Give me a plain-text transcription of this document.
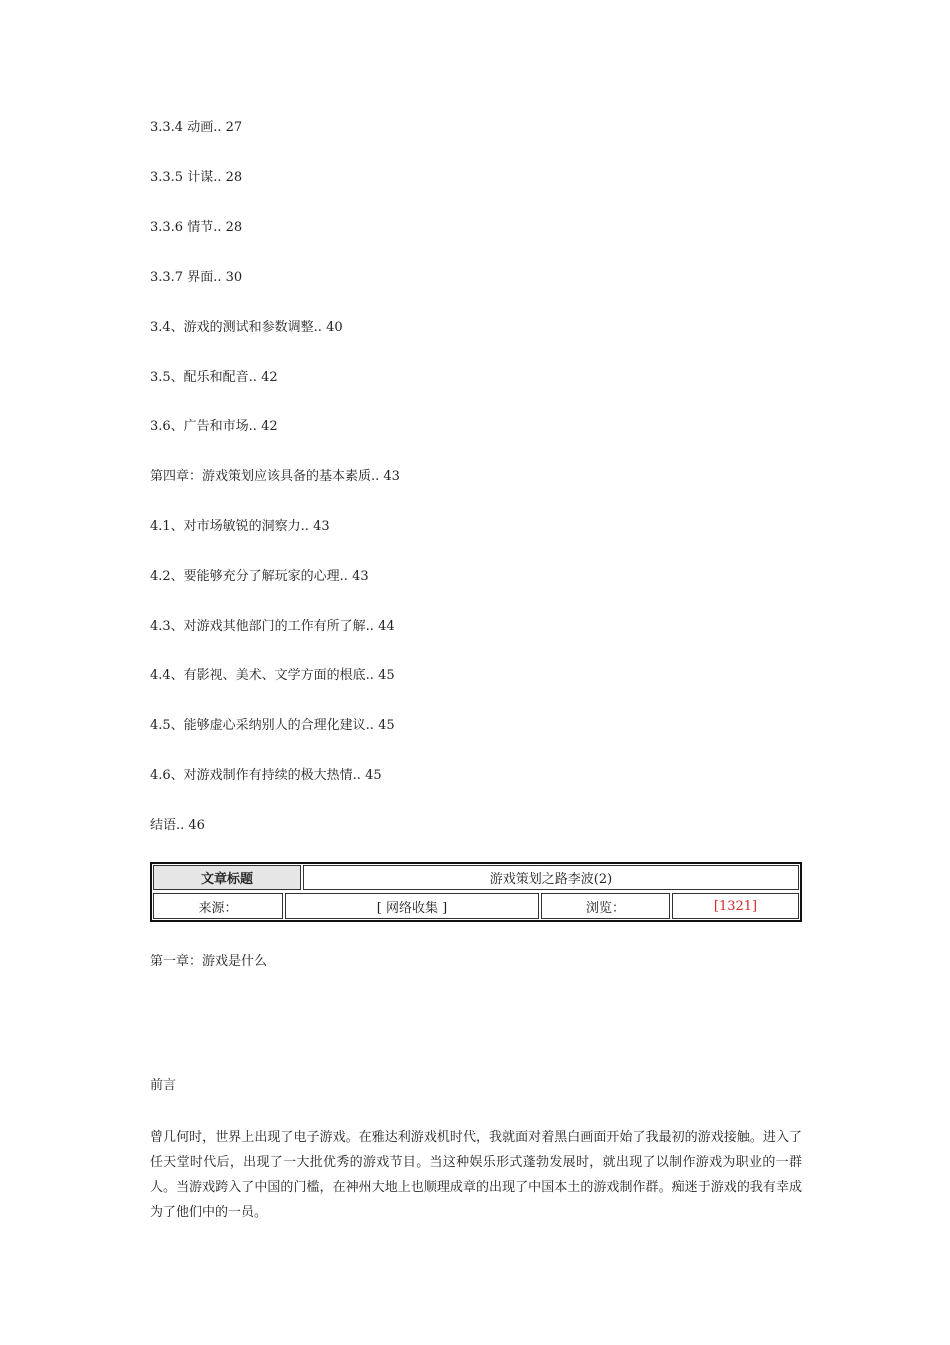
3.3.4 动画.. 27
3.3.5 计谋.. 28
3.3.6 情节.. 28
3.3.7 界面.. 30
3.4、游戏的测试和参数调整.. 40
3.5、配乐和配音.. 42
3.6、广告和市场.. 42
第四章：游戏策划应该具备的基本素质.. 43
4.1、对市场敏锐的洞察力.. 43
4.2、要能够充分了解玩家的心理.. 43
4.3、对游戏其他部门的工作有所了解.. 44
4.4、有影视、美术、文学方面的根底.. 45
4.5、能够虚心采纳别人的合理化建议.. 45
4.6、对游戏制作有持续的极大热情.. 45
结语.. 46
文章标题	游戏策划之路李波(2)
来源：	[ 网络收集 ]	浏览：	[1321]
第一章：游戏是什么
前言

曾几何时，世界上出现了电子游戏。在雅达利游戏机时代，我就面对着黑白画面开始了我最初的游戏接触。进入了任天堂时代后，出现了一大批优秀的游戏节目。当这种娱乐形式蓬勃发展时，就出现了以制作游戏为职业的一群人。当游戏跨入了中国的门槛，在神州大地上也顺理成章的出现了中国本土的游戏制作群。痴迷于游戏的我有幸成为了他们中的一员。
